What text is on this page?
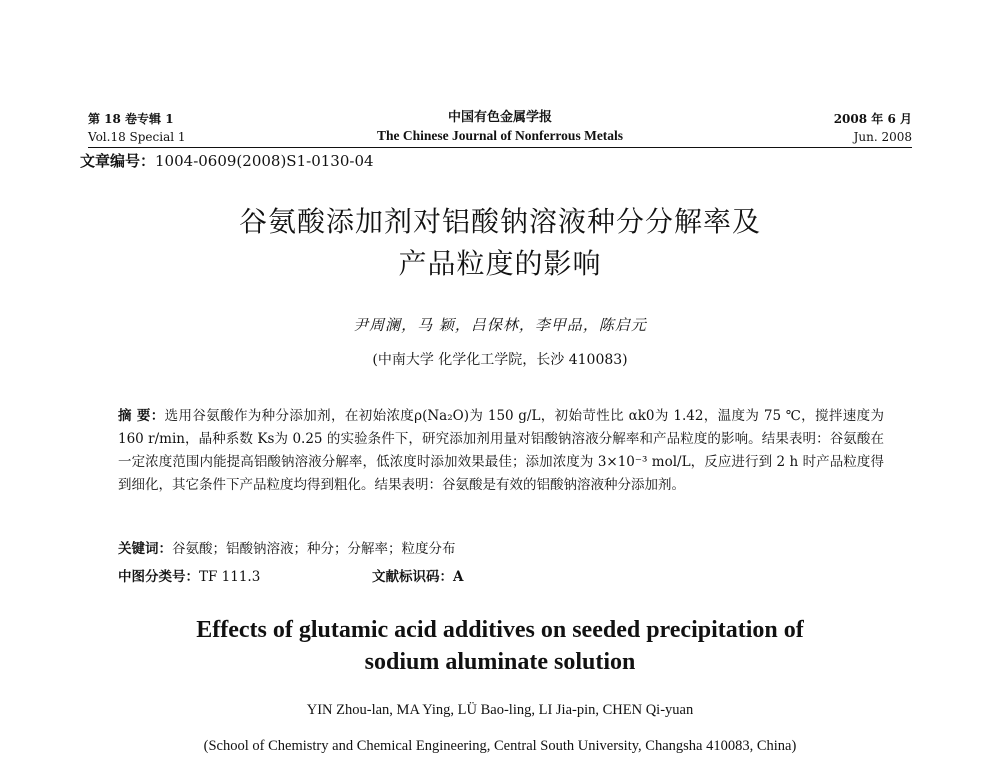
第 18 卷专辑 1
Vol.18 Special 1
中国有色金属学报
The Chinese Journal of Nonferrous Metals
2008 年 6 月
Jun. 2008
文章编号：1004-0609(2008)S1-0130-04
谷氨酸添加剂对铝酸钠溶液种分分解率及
产品粒度的影响
尹周澜，马 颖，吕保林，李甲品，陈启元
(中南大学 化学化工学院，长沙 410083)
摘 要：选用谷氨酸作为种分添加剂，在初始浓度ρ(Na₂O)为 150 g/L，初始苛性比 αk0为 1.42，温度为 75 ℃，搅拌速度为 160 r/min，晶种系数 Ks为 0.25 的实验条件下，研究添加剂用量对铝酸钠溶液分解率和产品粒度的影响。结果表明：谷氨酸在一定浓度范围内能提高铝酸钠溶液分解率，低浓度时添加效果最佳；添加浓度为 3×10⁻³ mol/L，反应进行到 2 h 时产品粒度得到细化，其它条件下产品粒度均得到粗化。结果表明：谷氨酸是有效的铝酸钠溶液种分添加剂。
关键词：谷氨酸；铝酸钠溶液；种分；分解率；粒度分布
中图分类号：TF 111.3	文献标识码：A
Effects of glutamic acid additives on seeded precipitation of
sodium aluminate solution
YIN Zhou-lan, MA Ying, LÜ Bao-ling, LI Jia-pin, CHEN Qi-yuan
(School of Chemistry and Chemical Engineering, Central South University, Changsha 410083, China)
